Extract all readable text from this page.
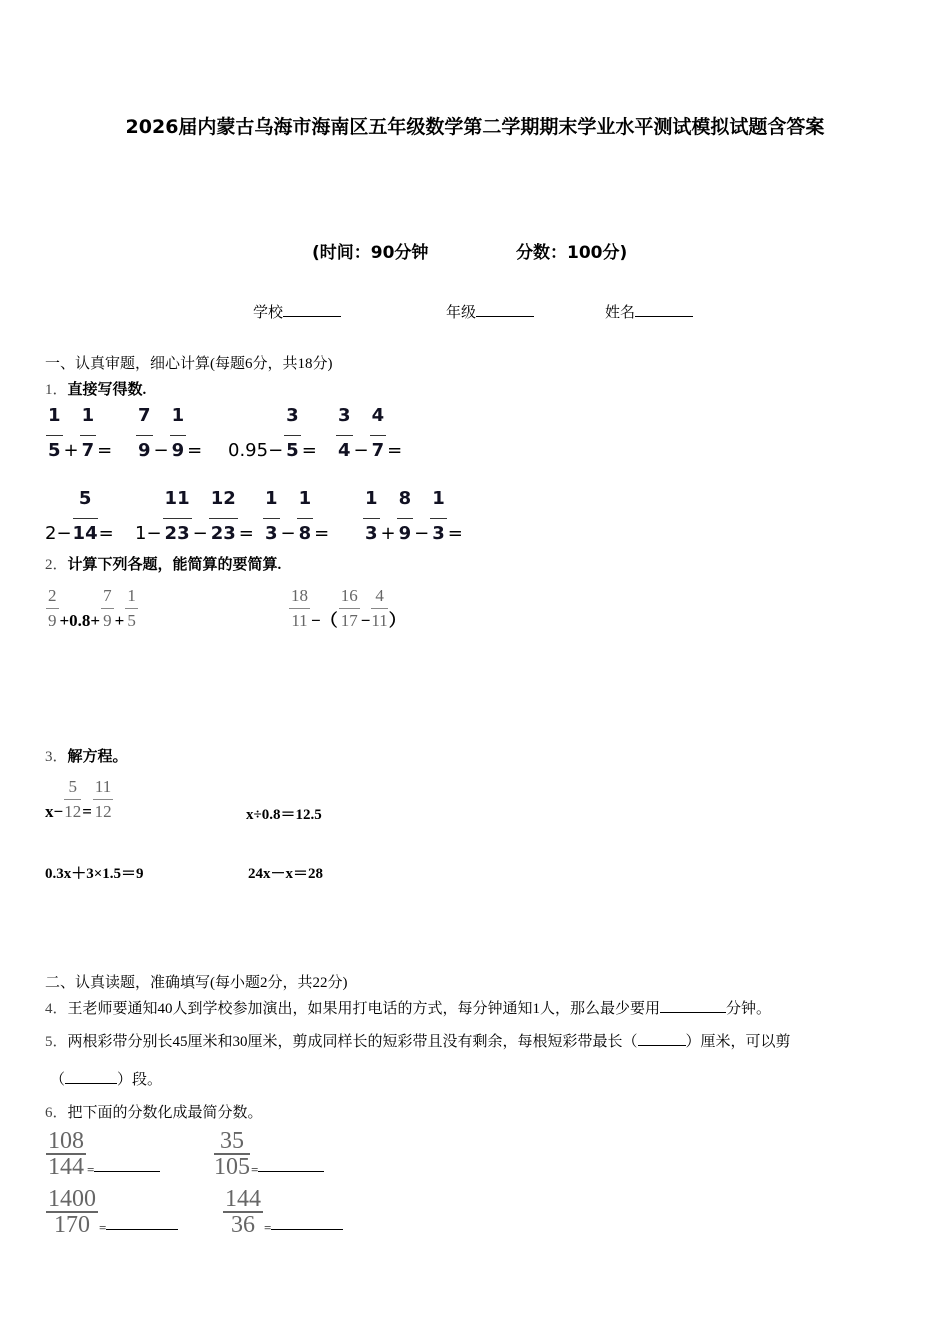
2026届内蒙古乌海市海南区五年级数学第二学期期末学业水平测试模拟试题含答案
(时间：90分钟	分数：100分)
学校	年级	姓名
一、认真审题，细心计算(每题6分，共18分)
1．直接写得数.
$\frac{1}{5} + \frac{1}{7} = \frac{7}{9} - \frac{1}{9} = 0.95- \frac{3}{5} = \frac{3}{4} - \frac{4}{7}$ =
$2- \frac{5}{14} = 1- \frac{11}{23} - \frac{12}{23} = \frac{1}{3} - \frac{1}{8} = \frac{1}{3} + \frac{8}{9} - \frac{1}{3}$ =
2．计算下列各题，能简算的要简算.
$\frac{2}{9} +0.8+ \frac{7}{9} + \frac{1}{5}$	$\frac{18}{11}$ −（ $\frac{16}{17} - \frac{4}{11}$ ）
3．解方程。
$x- \frac{5}{12} = \frac{11}{12}$	x÷0.8＝12.5
0.3x＋3×1.5＝9	24x－x＝28
二、认真读题，准确填写(每小题2分，共22分)
4．王老师要通知40人到学校参加演出，如果用打电话的方式，每分钟通知1人，那么最少要用	分钟。
5．两根彩带分别长45厘米和30厘米，剪成同样长的短彩带且没有剩余，每根短彩带最长（	）厘米，可以剪
（	）段。
6．把下面的分数化成最简分数。
$\frac{108}{144}$ =	$\frac{35}{105}$ =
$\frac{1400}{170}$ =	$\frac{144}{36}$ =
